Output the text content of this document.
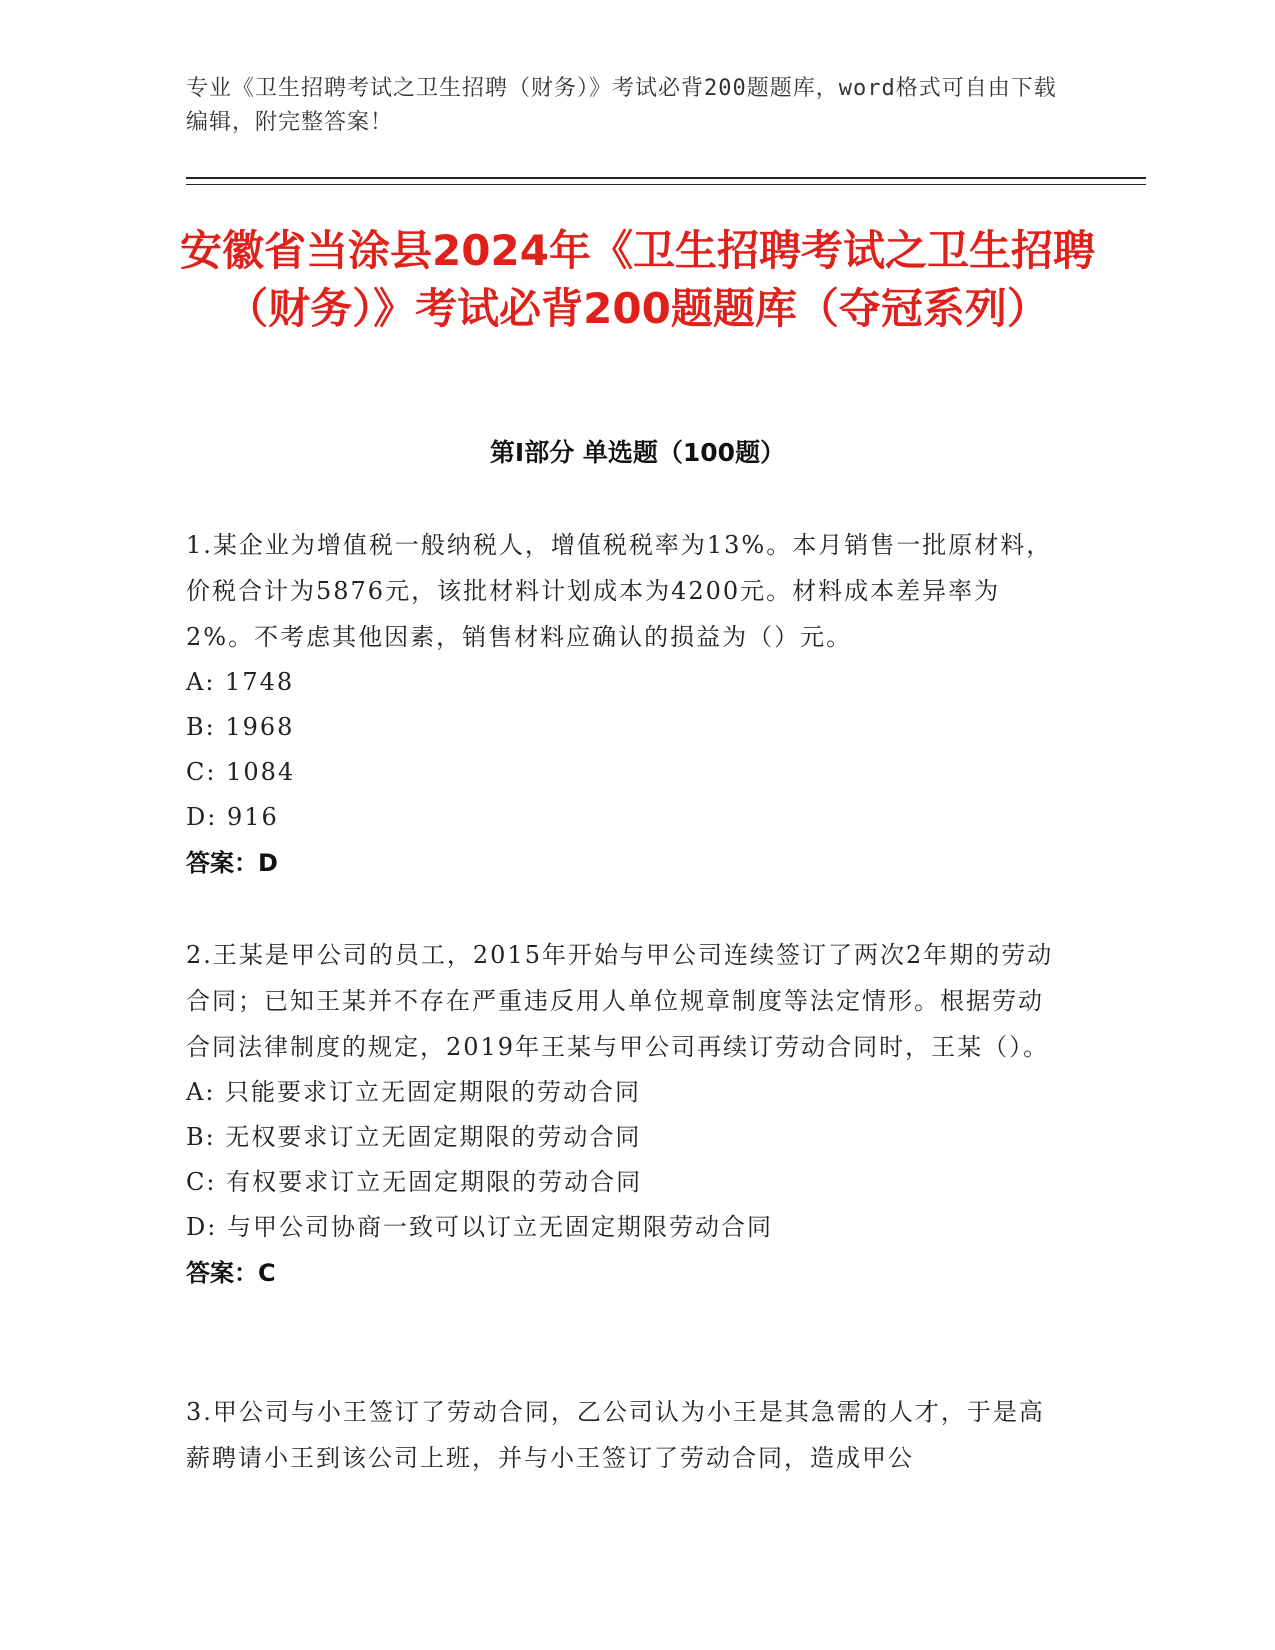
专业《卫生招聘考试之卫生招聘（财务）》考试必背200题题库，word格式可自由下载编辑，附完整答案！
安徽省当涂县2024年《卫生招聘考试之卫生招聘（财务）》考试必背200题题库（夺冠系列）
第Ⅰ部分 单选题（100题）
1.某企业为增值税一般纳税人，增值税税率为13%。本月销售一批原材料，价税合计为5876元，该批材料计划成本为4200元。材料成本差异率为2%。不考虑其他因素，销售材料应确认的损益为（）元。
A: 1748
B: 1968
C: 1084
D: 916
答案：D
2.王某是甲公司的员工，2015年开始与甲公司连续签订了两次2年期的劳动合同；已知王某并不存在严重违反用人单位规章制度等法定情形。根据劳动合同法律制度的规定，2019年王某与甲公司再续订劳动合同时，王某（）。
A: 只能要求订立无固定期限的劳动合同
B: 无权要求订立无固定期限的劳动合同
C: 有权要求订立无固定期限的劳动合同
D: 与甲公司协商一致可以订立无固定期限劳动合同
答案：C
3.甲公司与小王签订了劳动合同，乙公司认为小王是其急需的人才，于是高薪聘请小王到该公司上班，并与小王签订了劳动合同，造成甲公
